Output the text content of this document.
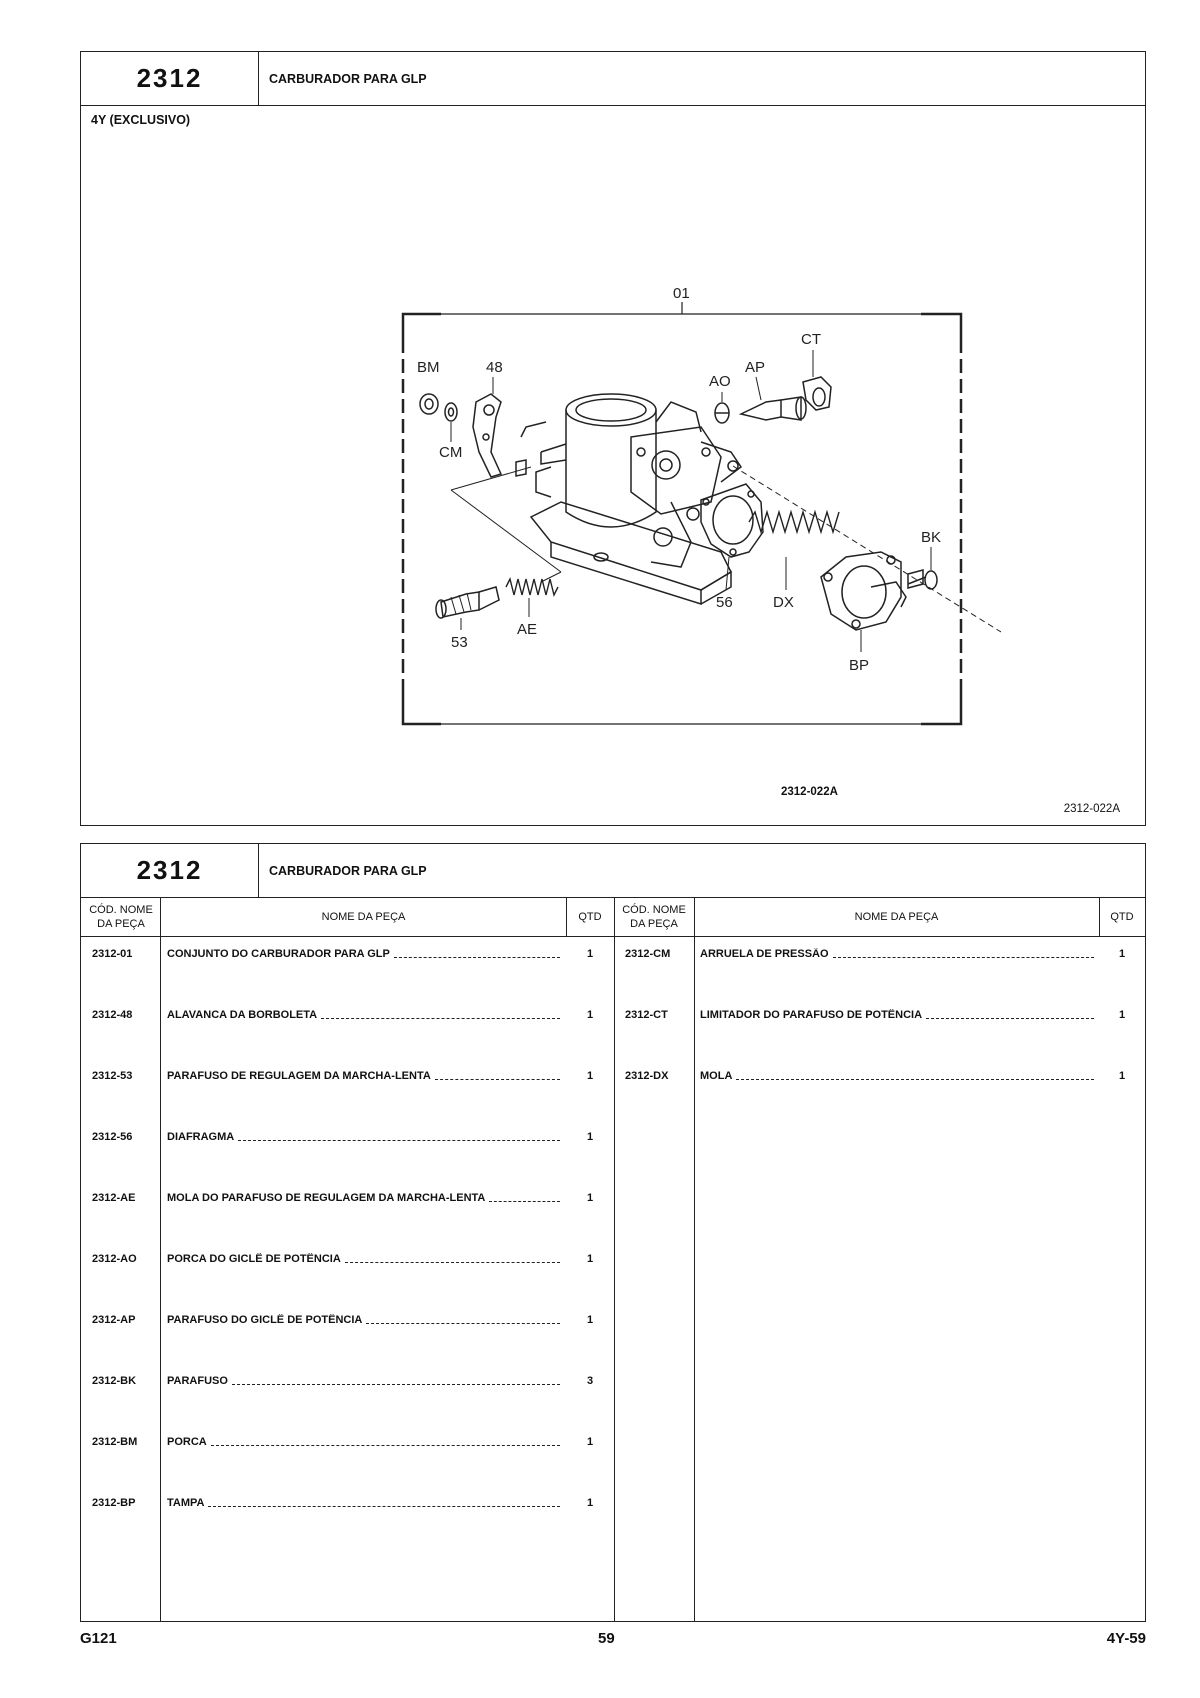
2312	CARBURADOR PARA GLP
4Y (EXCLUSIVO)
01
BM
CM
48
AO
AP
CT
56	DX
BP
BK
53
AE
2312-022A
2312-022A
2312	CARBURADOR PARA GLP
CÓD. NOME DA PEÇA
NOME DA PEÇA	QTD
CÓD. NOME DA PEÇA
NOME DA PEÇA	QTD
2312-01	CONJUNTO DO CARBURADOR PARA GLP	1
2312-48	ALAVANCA DA BORBOLETA	1
2312-53	PARAFUSO DE REGULAGEM DA MARCHA-LENTA	1
2312-56	DIAFRAGMA	1
2312-AE	MOLA DO PARAFUSO DE REGULAGEM DA MARCHA-LENTA	1
2312-AO	PORCA DO GICLÊ DE POTÊNCIA	1
2312-AP	PARAFUSO DO GICLÊ DE POTÊNCIA	1
2312-BK	PARAFUSO	3
2312-BM	PORCA	1
2312-BP	TAMPA	1
2312-CM	ARRUELA DE PRESSÃO	1
2312-CT	LIMITADOR DO PARAFUSO DE POTÊNCIA	1
2312-DX	MOLA	1
G121	59	4Y-59
